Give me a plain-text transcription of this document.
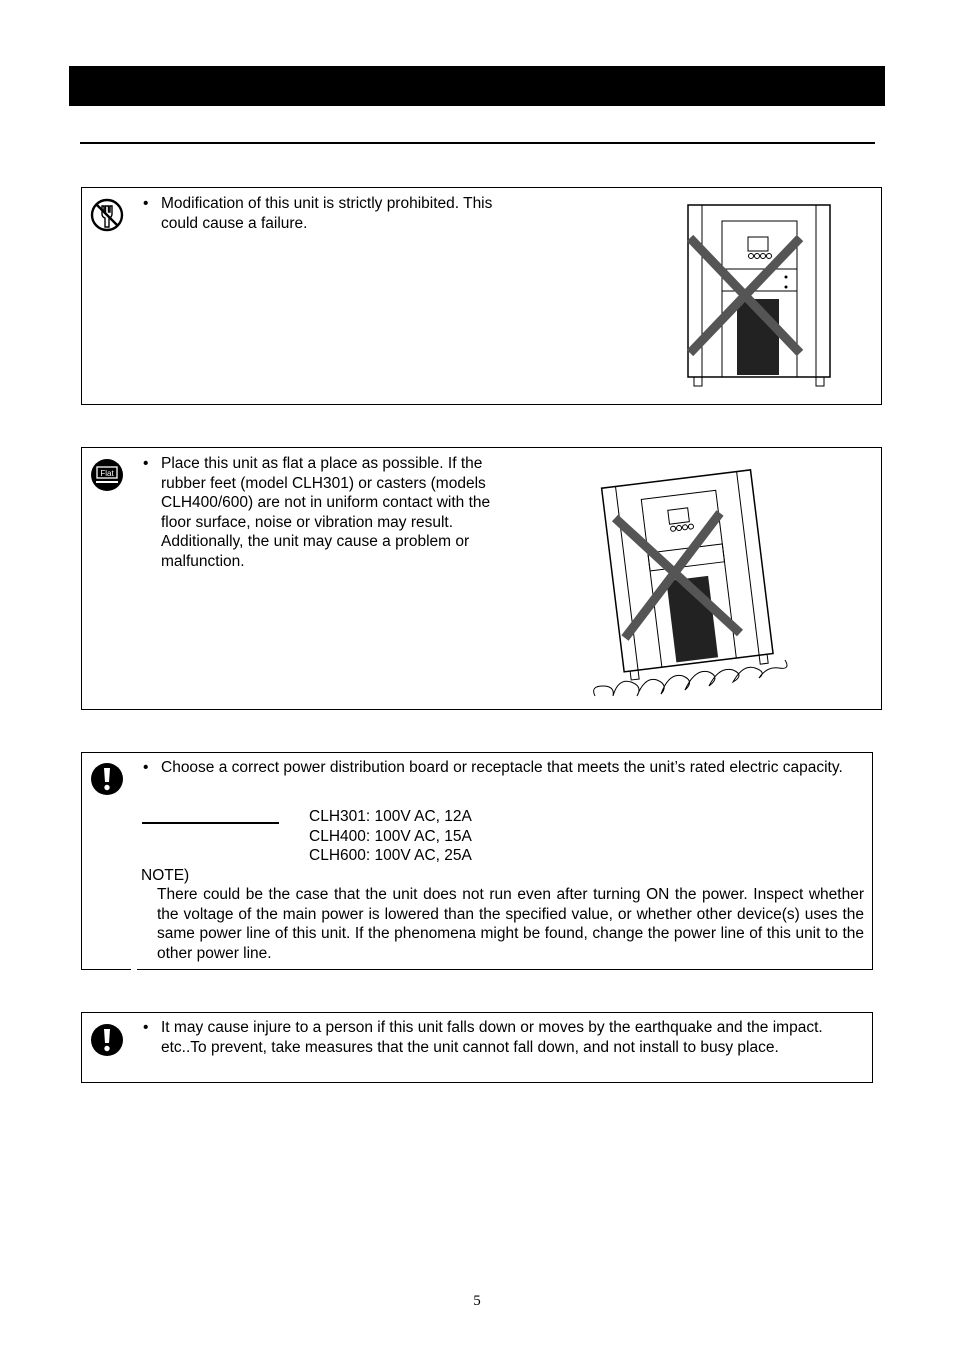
• Modification of this unit is strictly prohibited. This could cause a failure.
Flat
• Place this unit as flat a place as possible. If the rubber feet (model CLH301) or casters (models CLH400/600) are not in uniform contact with the floor surface, noise or vibration may result. Additionally, the unit may cause a problem or malfunction.
• Choose a correct power distribution board or receptacle that meets the unit’s rated electric capacity.
CLH301: 100V AC, 12A
CLH400: 100V AC, 15A
CLH600: 100V AC, 25A
NOTE)
There could be the case that the unit does not run even after turning ON the power. Inspect whether the voltage of the main power is lowered than the specified value, or whether other device(s) uses the same power line of this unit. If the phenomena might be found, change the power line of this unit to the other power line.
• It may cause injure to a person if this unit falls down or moves by the earthquake and the impact. etc..To prevent, take measures that the unit cannot fall down, and not install to busy place.
5
